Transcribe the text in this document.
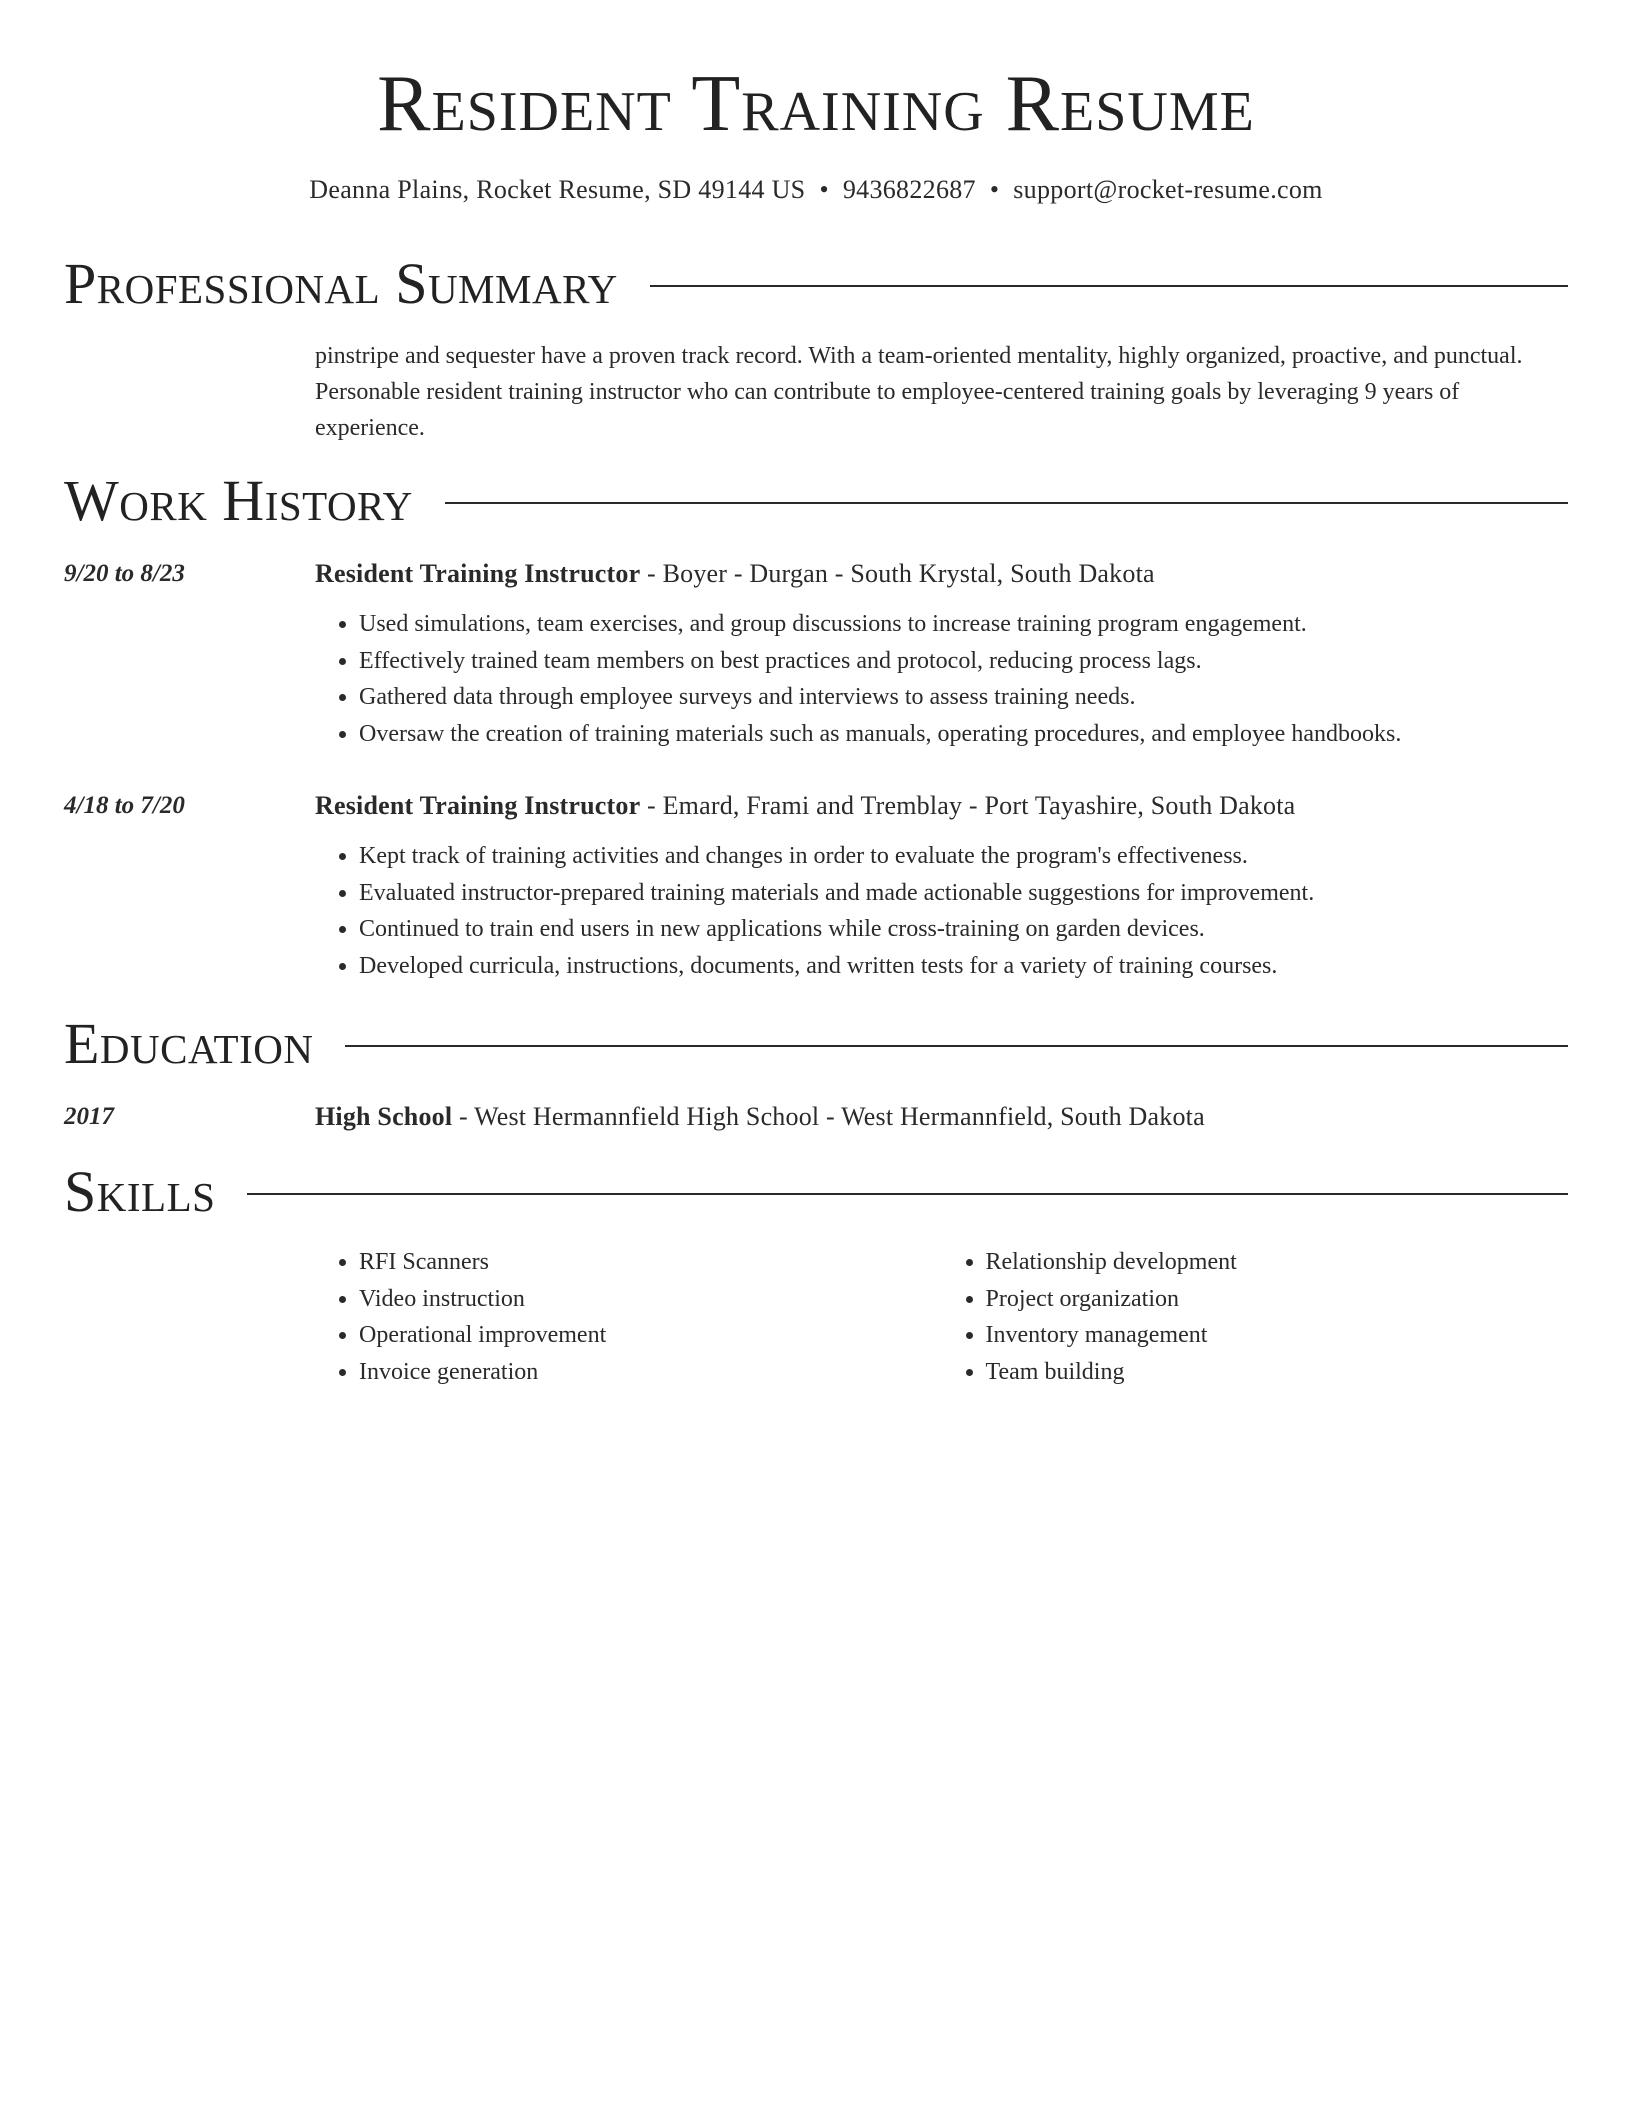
Resident Training Resume
Deanna Plains, Rocket Resume, SD 49144 US • 9436822687 • support@rocket-resume.com
Professional Summary
pinstripe and sequester have a proven track record. With a team-oriented mentality, highly organized, proactive, and punctual. Personable resident training instructor who can contribute to employee-centered training goals by leveraging 9 years of experience.
Work History
9/20 to 8/23	Resident Training Instructor - Boyer - Durgan - South Krystal, South Dakota
• Used simulations, team exercises, and group discussions to increase training program engagement.
• Effectively trained team members on best practices and protocol, reducing process lags.
• Gathered data through employee surveys and interviews to assess training needs.
• Oversaw the creation of training materials such as manuals, operating procedures, and employee handbooks.
4/18 to 7/20	Resident Training Instructor - Emard, Frami and Tremblay - Port Tayashire, South Dakota
• Kept track of training activities and changes in order to evaluate the program's effectiveness.
• Evaluated instructor-prepared training materials and made actionable suggestions for improvement.
• Continued to train end users in new applications while cross-training on garden devices.
• Developed curricula, instructions, documents, and written tests for a variety of training courses.
Education
2017	High School - West Hermannfield High School - West Hermannfield, South Dakota
Skills
• RFI Scanners
• Video instruction
• Operational improvement
• Invoice generation
• Relationship development
• Project organization
• Inventory management
• Team building
